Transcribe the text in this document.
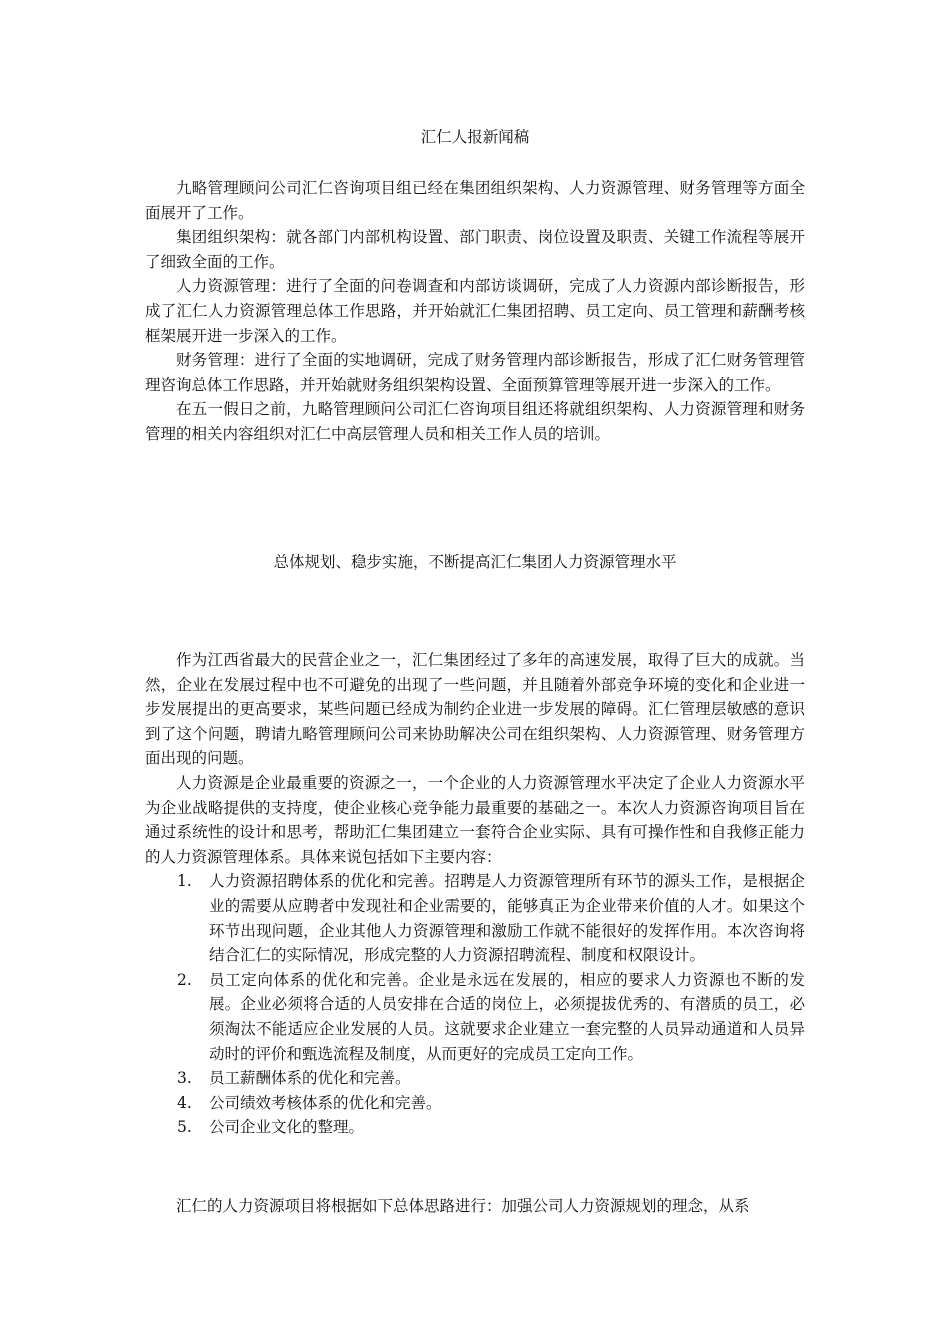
汇仁人报新闻稿

九略管理顾问公司汇仁咨询项目组已经在集团组织架构、人力资源管理、财务管理等方面全面展开了工作。

集团组织架构：就各部门内部机构设置、部门职责、岗位设置及职责、关键工作流程等展开了细致全面的工作。

人力资源管理：进行了全面的问卷调查和内部访谈调研，完成了人力资源内部诊断报告，形成了汇仁人力资源管理总体工作思路，并开始就汇仁集团招聘、员工定向、员工管理和薪酬考核框架展开进一步深入的工作。

财务管理：进行了全面的实地调研，完成了财务管理内部诊断报告，形成了汇仁财务管理管理咨询总体工作思路，并开始就财务组织架构设置、全面预算管理等展开进一步深入的工作。

在五一假日之前，九略管理顾问公司汇仁咨询项目组还将就组织架构、人力资源管理和财务管理的相关内容组织对汇仁中高层管理人员和相关工作人员的培训。

总体规划、稳步实施，不断提高汇仁集团人力资源管理水平

作为江西省最大的民营企业之一，汇仁集团经过了多年的高速发展，取得了巨大的成就。当然，企业在发展过程中也不可避免的出现了一些问题，并且随着外部竞争环境的变化和企业进一步发展提出的更高要求，某些问题已经成为制约企业进一步发展的障碍。汇仁管理层敏感的意识到了这个问题，聘请九略管理顾问公司来协助解决公司在组织架构、人力资源管理、财务管理方面出现的问题。

人力资源是企业最重要的资源之一，一个企业的人力资源管理水平决定了企业人力资源水平为企业战略提供的支持度，使企业核心竞争能力最重要的基础之一。本次人力资源咨询项目旨在通过系统性的设计和思考，帮助汇仁集团建立一套符合企业实际、具有可操作性和自我修正能力的人力资源管理体系。具体来说包括如下主要内容：

1.	人力资源招聘体系的优化和完善。招聘是人力资源管理所有环节的源头工作，是根据企业的需要从应聘者中发现社和企业需要的，能够真正为企业带来价值的人才。如果这个环节出现问题，企业其他人力资源管理和激励工作就不能很好的发挥作用。本次咨询将结合汇仁的实际情况，形成完整的人力资源招聘流程、制度和权限设计。
2.	员工定向体系的优化和完善。企业是永远在发展的，相应的要求人力资源也不断的发展。企业必须将合适的人员安排在合适的岗位上，必须提拔优秀的、有潜质的员工，必须淘汰不能适应企业发展的人员。这就要求企业建立一套完整的人员异动通道和人员异动时的评价和甄选流程及制度，从而更好的完成员工定向工作。
3.	员工薪酬体系的优化和完善。
4.	公司绩效考核体系的优化和完善。
5.	公司企业文化的整理。

汇仁的人力资源项目将根据如下总体思路进行：加强公司人力资源规划的理念，从系
